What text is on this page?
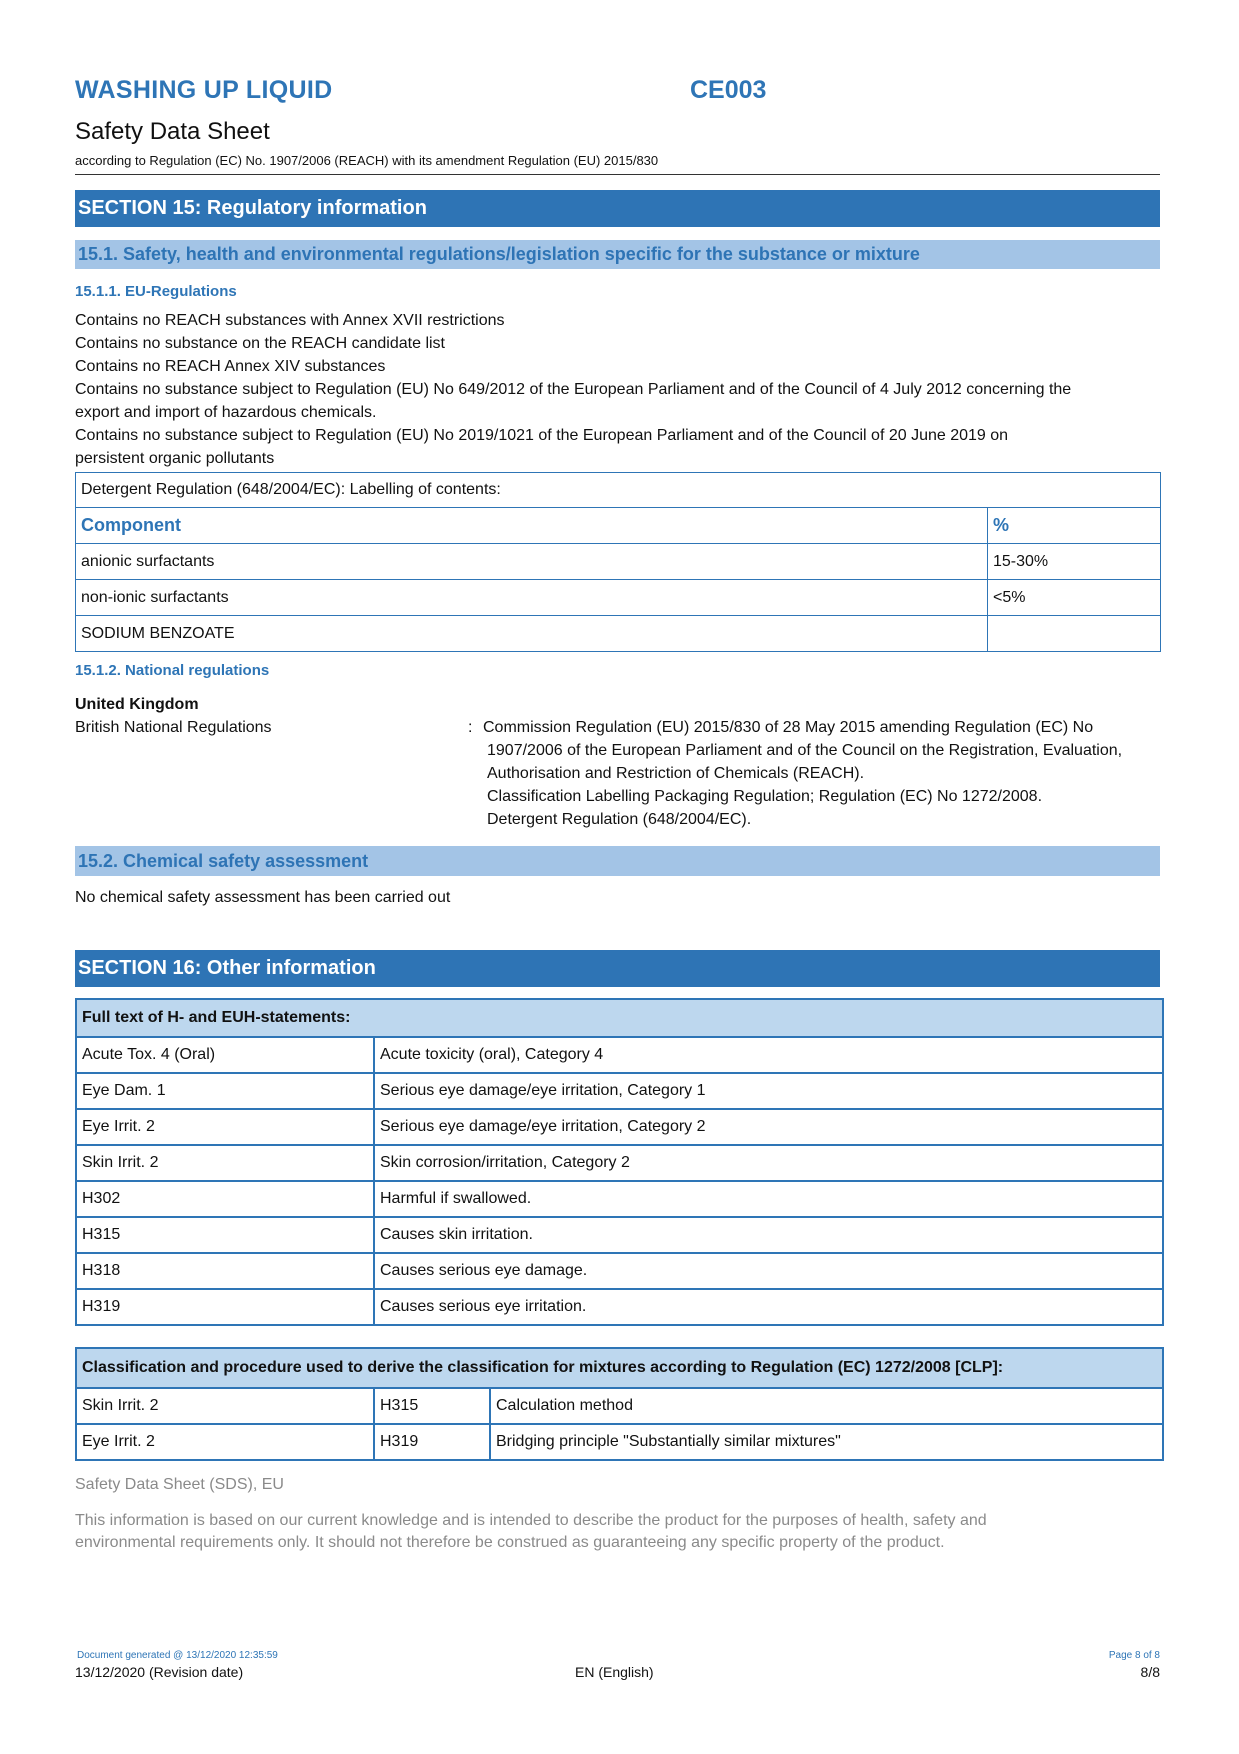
WASHING UP LIQUID	CE003
Safety Data Sheet
according to Regulation (EC) No. 1907/2006 (REACH) with its amendment Regulation (EU) 2015/830
SECTION 15: Regulatory information
15.1. Safety, health and environmental regulations/legislation specific for the substance or mixture
15.1.1. EU-Regulations
Contains no REACH substances with Annex XVII restrictions
Contains no substance on the REACH candidate list
Contains no REACH Annex XIV substances
Contains no substance subject to Regulation (EU) No 649/2012 of the European Parliament and of the Council of 4 July 2012 concerning the
export and import of hazardous chemicals.
Contains no substance subject to Regulation (EU) No 2019/1021 of the European Parliament and of the Council of 20 June 2019 on
persistent organic pollutants
Detergent Regulation (648/2004/EC): Labelling of contents:	
Component	%
anionic surfactants	15-30%
non-ionic surfactants	<5%
SODIUM BENZOATE	
15.1.2. National regulations
United Kingdom
British National Regulations	: Commission Regulation (EU) 2015/830 of 28 May 2015 amending Regulation (EC) No
1907/2006 of the European Parliament and of the Council on the Registration, Evaluation,
Authorisation and Restriction of Chemicals (REACH).
Classification Labelling Packaging Regulation; Regulation (EC) No 1272/2008.
Detergent Regulation (648/2004/EC).
15.2. Chemical safety assessment
No chemical safety assessment has been carried out
SECTION 16: Other information
Full text of H- and EUH-statements:	
Acute Tox. 4 (Oral)	Acute toxicity (oral), Category 4
Eye Dam. 1	Serious eye damage/eye irritation, Category 1
Eye Irrit. 2	Serious eye damage/eye irritation, Category 2
Skin Irrit. 2	Skin corrosion/irritation, Category 2
H302	Harmful if swallowed.
H315	Causes skin irritation.
H318	Causes serious eye damage.
H319	Causes serious eye irritation.
Classification and procedure used to derive the classification for mixtures according to Regulation (EC) 1272/2008 [CLP]:		
Skin Irrit. 2	H315	Calculation method
Eye Irrit. 2	H319	Bridging principle "Substantially similar mixtures"
Safety Data Sheet (SDS), EU
This information is based on our current knowledge and is intended to describe the product for the purposes of health, safety and
environmental requirements only. It should not therefore be construed as guaranteeing any specific property of the product.
Document generated @ 13/12/2020 12:35:59
13/12/2020 (Revision date)	EN (English)
Page 8 of 8
8/8
